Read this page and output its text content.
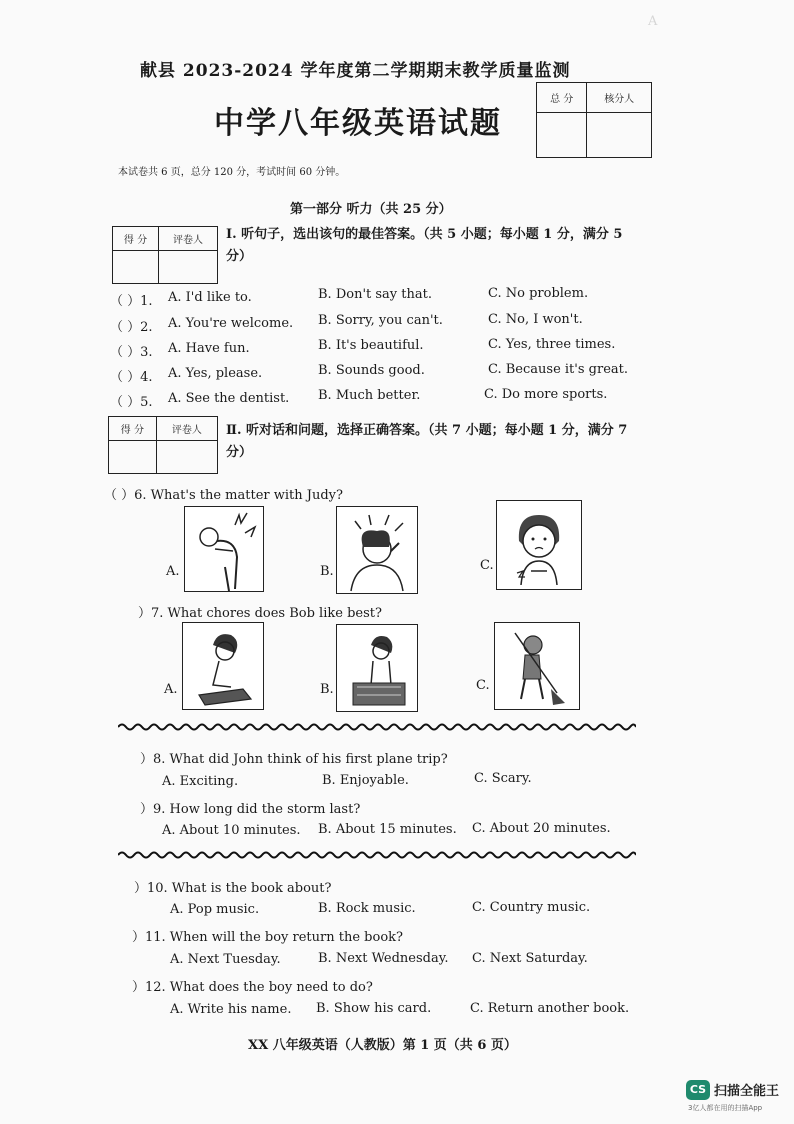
A
献县 2023-2024 学年度第二学期期末教学质量监测
中学八年级英语试题
总 分	核分人

本试卷共 6 页，总分 120 分，考试时间 60 分钟。
第一部分 听力（共 25 分）
得 分	评卷人
	Ⅰ. 听句子，选出该句的最佳答案。（共 5 小题；每小题 1 分，满分 5
分）
（ ）1. A. I'd like to.	B. Don't say that.	C. No problem.
（ ）2. A. You're welcome. B. Sorry, you can't.	C. No, I won't.
（ ）3. A. Have fun.	B. It's beautiful.	C. Yes, three times.
（ ）4. A. Yes, please.	B. Sounds good.	C. Because it's great.
（ ）5. A. See the dentist. B. Much better.	C. Do more sports.
得 分	评卷人
	Ⅱ. 听对话和问题，选择正确答案。（共 7 小题；每小题 1 分，满分 7
分）
（ ）6. What's the matter with Judy?
A.	B.	C.
）7. What chores does Bob like best?
A.	B.	C.
）8. What did John think of his first plane trip?
A. Exciting.	B. Enjoyable.	C. Scary.
）9. How long did the storm last?
A. About 10 minutes. B. About 15 minutes. C. About 20 minutes.
）10. What is the book about?
A. Pop music.	B. Rock music.	C. Country music.
）11. When will the boy return the book?
A. Next Tuesday.	B. Next Wednesday. C. Next Saturday.
）12. What does the boy need to do?
A. Write his name. B. Show his card.	C. Return another book.
XX 八年级英语（人教版）第 1 页（共 6 页）
CS 扫描全能王
3亿人都在用的扫描App
